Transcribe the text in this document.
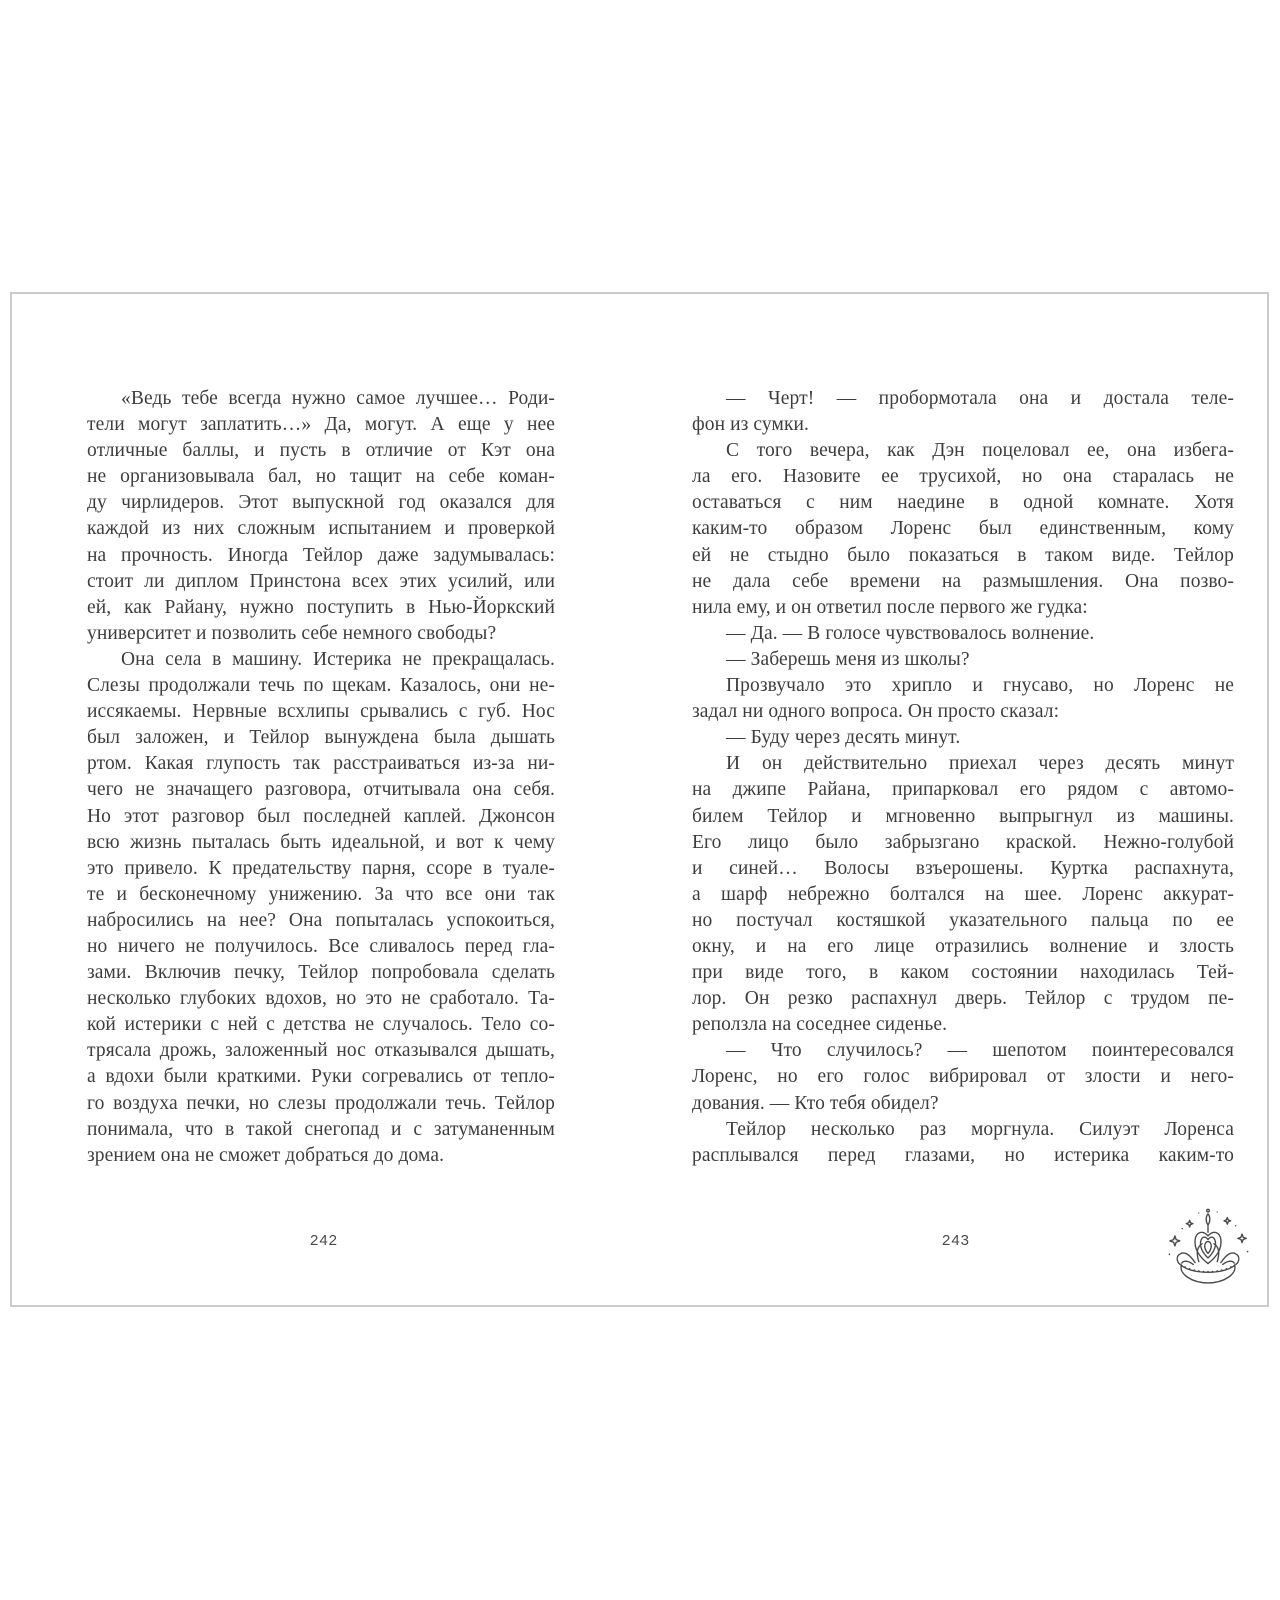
«Ведь тебе всегда нужно самое лучшее… Роди-
тели могут заплатить…» Да, могут. А еще у нее
отличные баллы, и пусть в отличие от Кэт она
не организовывала бал, но тащит на себе коман-
ду чирлидеров. Этот выпускной год оказался для
каждой из них сложным испытанием и проверкой
на прочность. Иногда Тейлор даже задумывалась:
стоит ли диплом Принстона всех этих усилий, или
ей, как Райану, нужно поступить в Нью-Йоркский
университет и позволить себе немного свободы?
Она села в машину. Истерика не прекращалась.
Слезы продолжали течь по щекам. Казалось, они не-
иссякаемы. Нервные всхлипы срывались с губ. Нос
был заложен, и Тейлор вынуждена была дышать
ртом. Какая глупость так расстраиваться из-за ни-
чего не значащего разговора, отчитывала она себя.
Но этот разговор был последней каплей. Джонсон
всю жизнь пыталась быть идеальной, и вот к чему
это привело. К предательству парня, ссоре в туале-
те и бесконечному унижению. За что все они так
набросились на нее? Она попыталась успокоиться,
но ничего не получилось. Все сливалось перед гла-
зами. Включив печку, Тейлор попробовала сделать
несколько глубоких вдохов, но это не сработало. Та-
кой истерики с ней с детства не случалось. Тело со-
трясала дрожь, заложенный нос отказывался дышать,
а вдохи были краткими. Руки согревались от тепло-
го воздуха печки, но слезы продолжали течь. Тейлор
понимала, что в такой снегопад и с затуманенным
зрением она не сможет добраться до дома.
— Черт! — пробормотала она и достала теле-
фон из сумки.
С того вечера, как Дэн поцеловал ее, она избега-
ла его. Назовите ее трусихой, но она старалась не
оставаться с ним наедине в одной комнате. Хотя
каким-то образом Лоренс был единственным, кому
ей не стыдно было показаться в таком виде. Тейлор
не дала себе времени на размышления. Она позво-
нила ему, и он ответил после первого же гудка:
— Да. — В голосе чувствовалось волнение.
— Заберешь меня из школы?
Прозвучало это хрипло и гнусаво, но Лоренс не
задал ни одного вопроса. Он просто сказал:
— Буду через десять минут.
И он действительно приехал через десять минут
на джипе Райана, припарковал его рядом с автомо-
билем Тейлор и мгновенно выпрыгнул из машины.
Его лицо было забрызгано краской. Нежно-голубой
и синей… Волосы взъерошены. Куртка распахнута,
а шарф небрежно болтался на шее. Лоренс аккурат-
но постучал костяшкой указательного пальца по ее
окну, и на его лице отразились волнение и злость
при виде того, в каком состоянии находилась Тей-
лор. Он резко распахнул дверь. Тейлор с трудом пе-
реползла на соседнее сиденье.
— Что случилось? — шепотом поинтересовался
Лоренс, но его голос вибрировал от злости и него-
дования. — Кто тебя обидел?
Тейлор несколько раз моргнула. Силуэт Лоренса
расплывался перед глазами, но истерика каким-то
242	243
